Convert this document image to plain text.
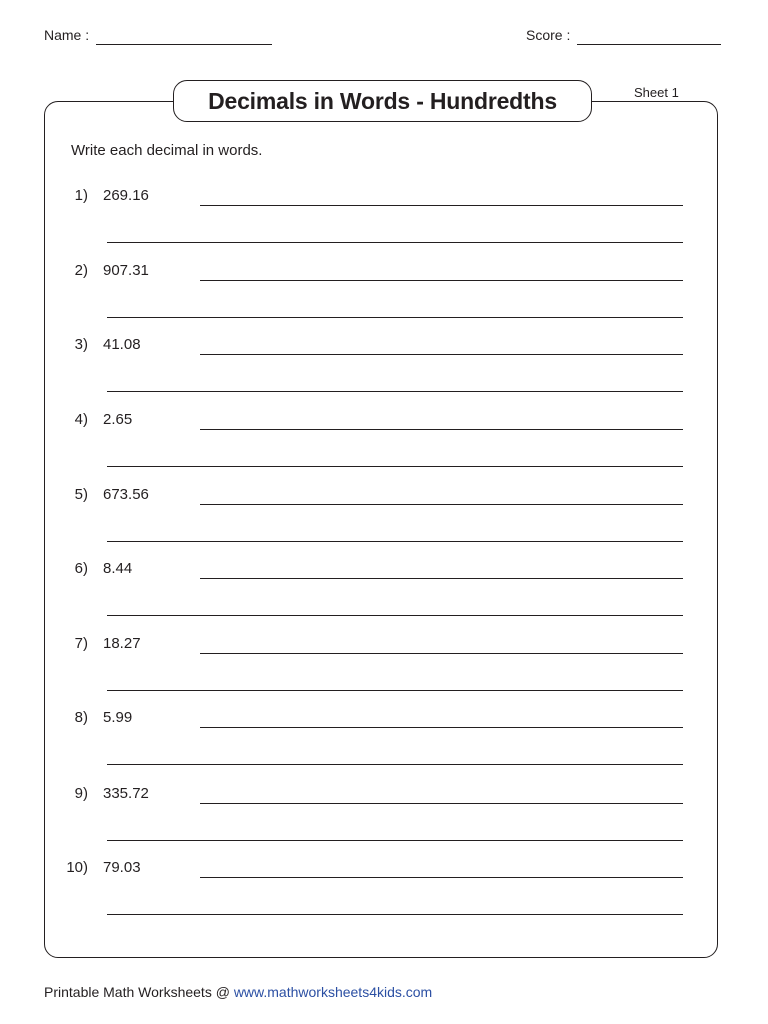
Name :	Score :
Decimals in Words - Hundredths	Sheet 1
Write each decimal in words.
1) 269.16
2) 907.31
3) 41.08
4) 2.65
5) 673.56
6) 8.44
7) 18.27
8) 5.99
9) 335.72
10) 79.03
Printable Math Worksheets @ www.mathworksheets4kids.com
